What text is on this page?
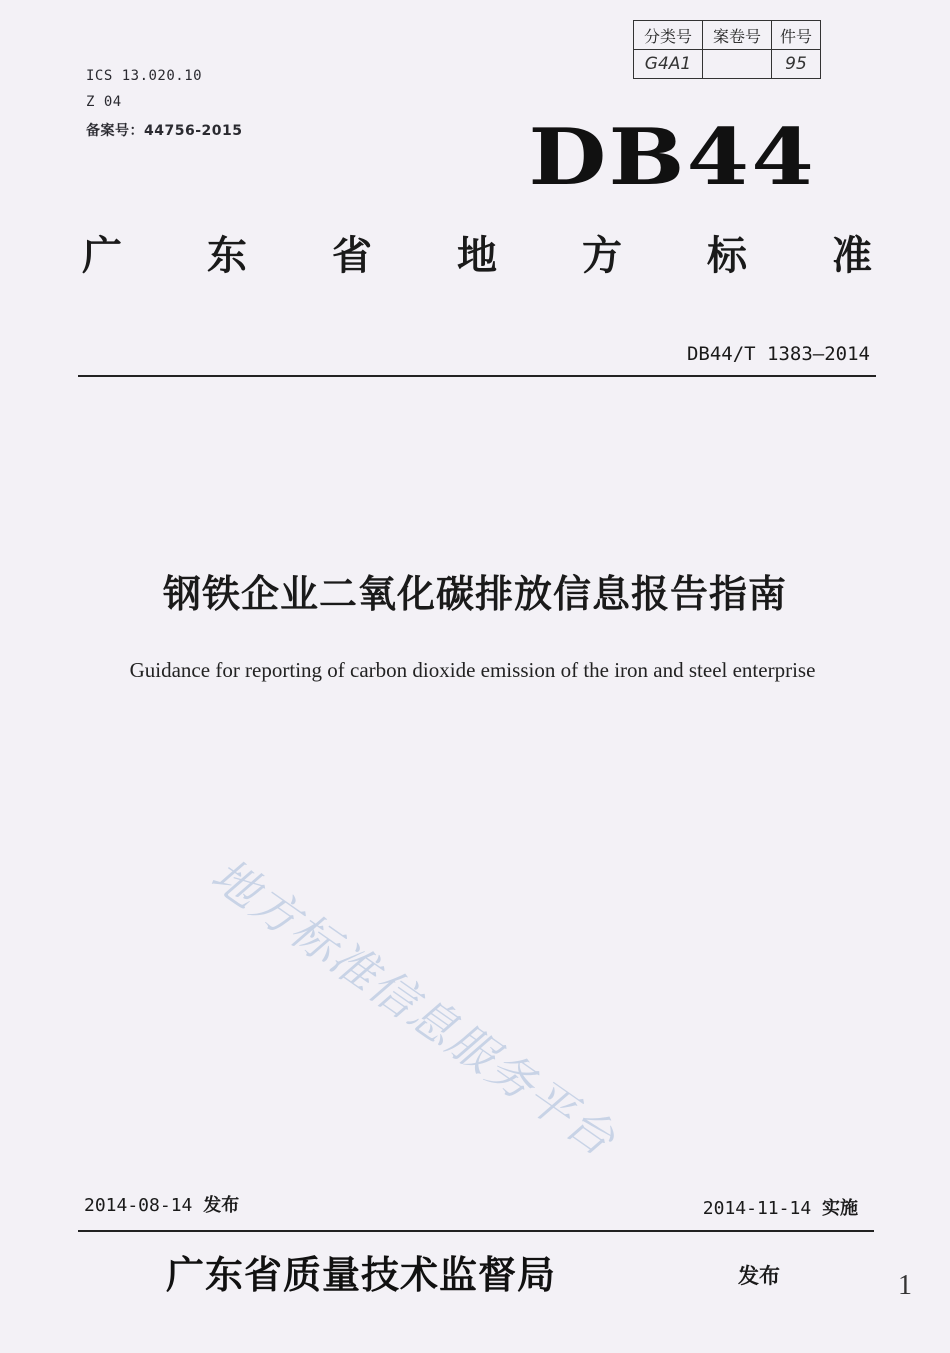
ICS 13.020.10
Z 04
备案号：44756-2015
分类号	案卷号	件号
G4A1		95
DB44
广 东 省 地 方 标 准
DB44/T 1383—2014
钢铁企业二氧化碳排放信息报告指南
Guidance for reporting of carbon dioxide emission of the iron and steel enterprise
地方标准信息服务平台
2014-08-14 发布	2014-11-14 实施
广东省质量技术监督局	发布	1
